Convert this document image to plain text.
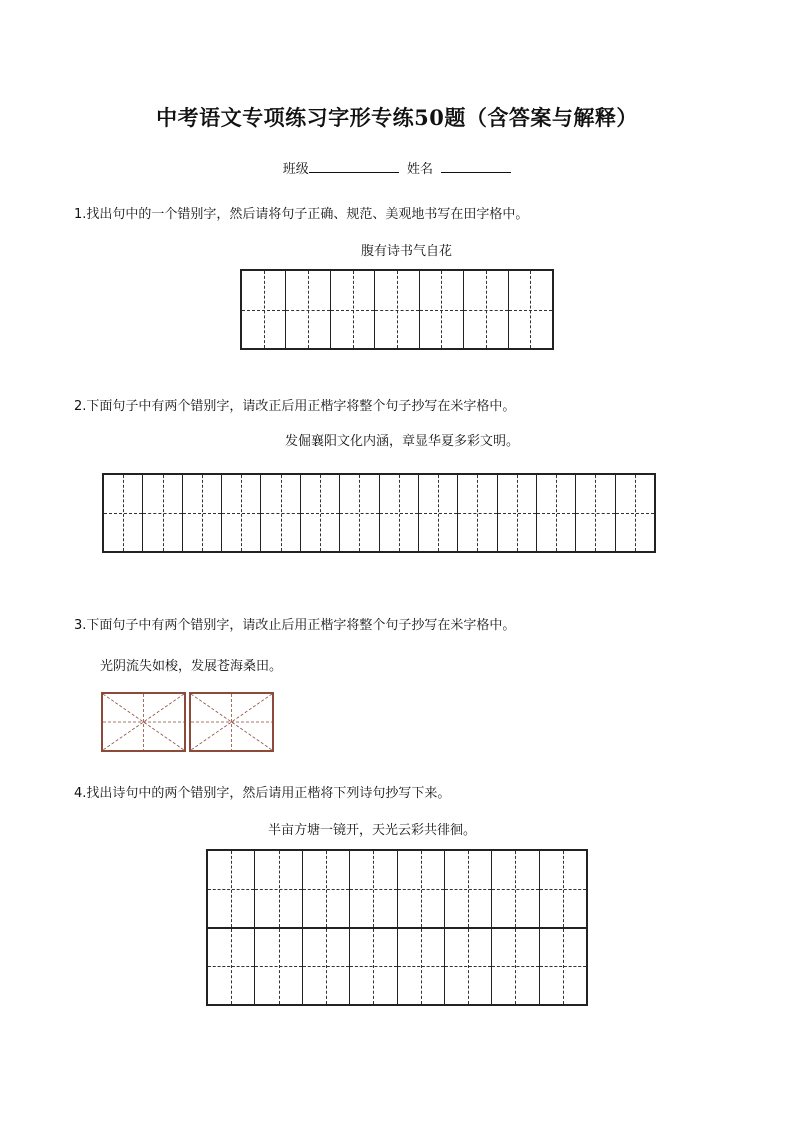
中考语文专项练习字形专练50题（含答案与解释）
班级	姓名
1.找出句中的一个错别字，然后请将句子正确、规范、美观地书写在田字格中。
腹有诗书气自花
2.下面句子中有两个错别字，请改正后用正楷字将整个句子抄写在米字格中。
发倔襄阳文化内涵，章显华夏多彩文明。
3.下面句子中有两个错别字，请改止后用正楷字将整个句子抄写在米字格中。
光阴流失如梭，发展苍海桑田。
4.找出诗句中的两个错别字，然后请用正楷将下列诗句抄写下来。
半亩方塘一镜开，天光云彩共徘徊。
